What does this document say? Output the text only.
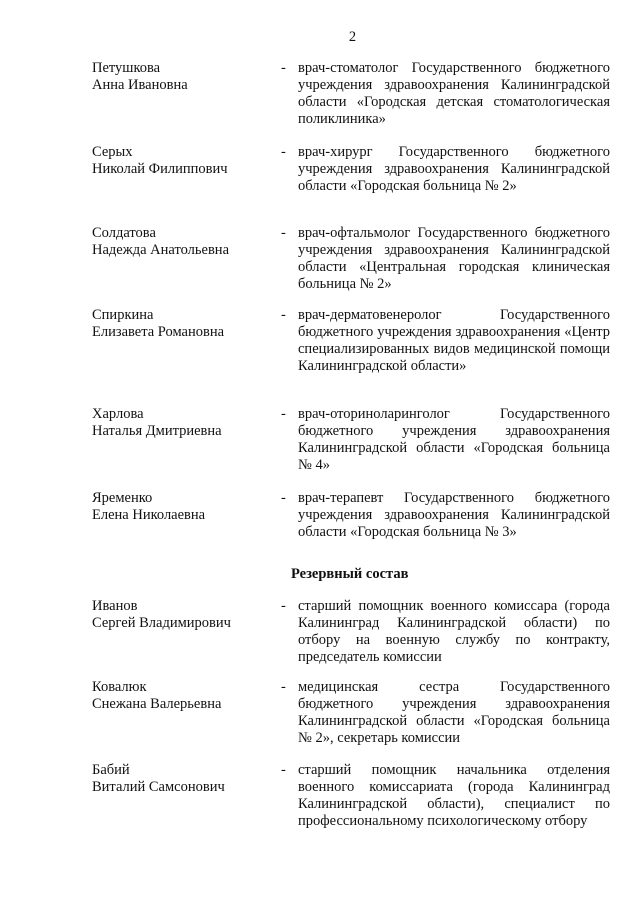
2
Петушкова
Анна Ивановна
- врач-стоматолог Государственного бюджетного учреждения здравоохранения Калининградской области «Городская детская стоматологическая поликлиника»
Серых
Николай Филиппович
- врач-хирург Государственного бюджетного учреждения здравоохранения Калининградской области «Городская больница № 2»
Солдатова
Надежда Анатольевна
- врач-офтальмолог Государственного бюджетного учреждения здравоохранения Калининградской области «Центральная городская клиническая больница № 2»
Спиркина
Елизавета Романовна
- врач-дерматовенеролог Государственного бюджетного учреждения здравоохранения «Центр специализированных видов медицинской помощи Калининградской области»
Харлова
Наталья Дмитриевна
- врач-оториноларинголог Государственного бюджетного учреждения здравоохранения Калининградской области «Городская больница № 4»
Яременко
Елена Николаевна
- врач-терапевт Государственного бюджетного учреждения здравоохранения Калининградской области «Городская больница № 3»
Резервный состав
Иванов
Сергей Владимирович
- старший помощник военного комиссара (города Калининград Калининградской области) по отбору на военную службу по контракту, председатель комиссии
Ковалюк
Снежана Валерьевна
- медицинская сестра Государственного бюджетного учреждения здравоохранения Калининградской области «Городская больница № 2», секретарь комиссии
Бабий
Виталий Самсонович
- старший помощник начальника отделения военного комиссариата (города Калининград Калининградской области), специалист по профессиональному психологическому отбору
